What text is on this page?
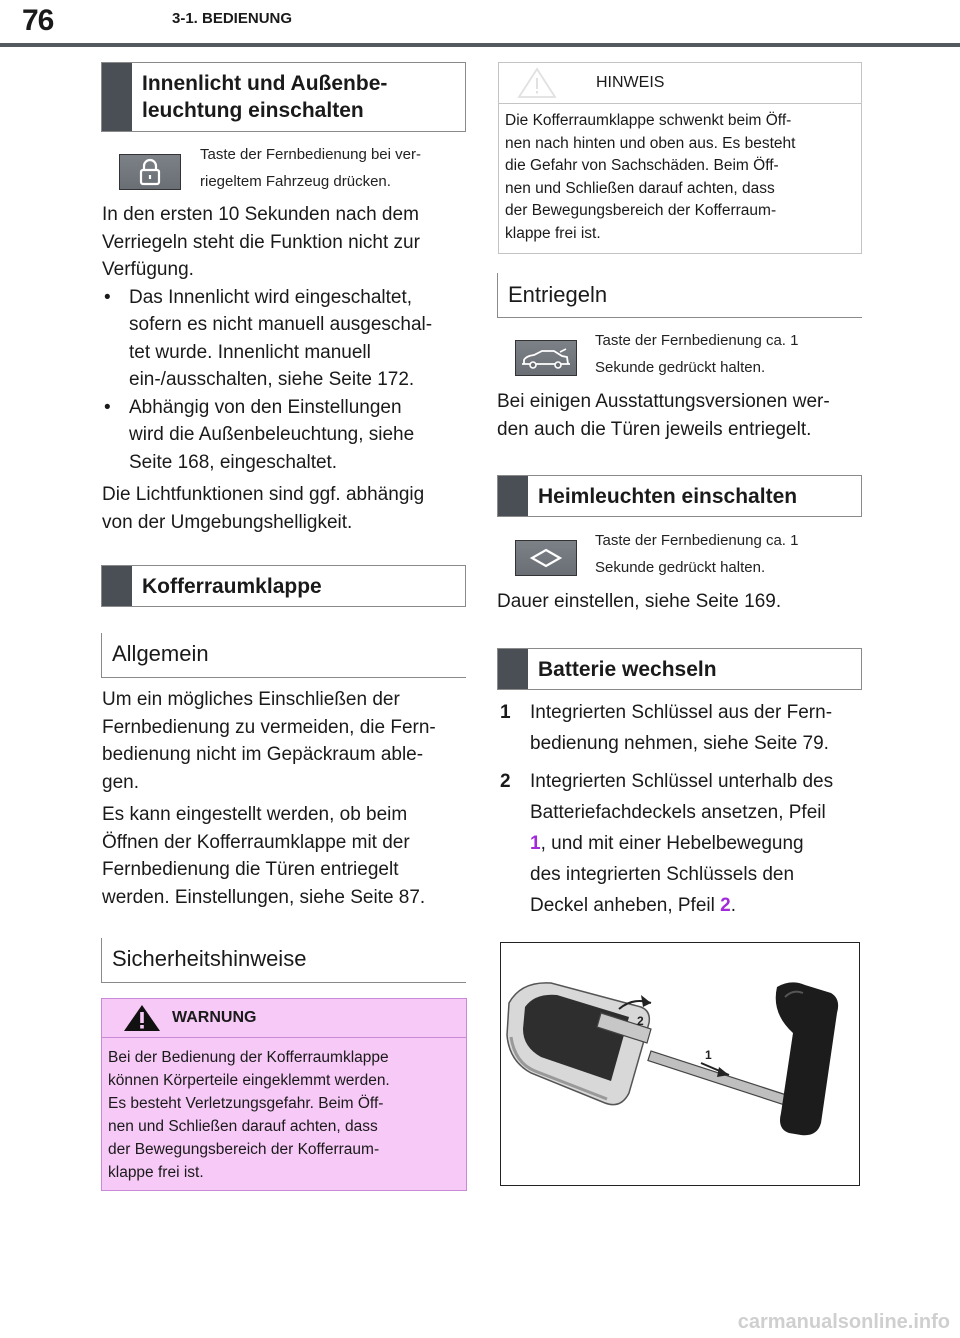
76	3-1. BEDIENUNG
Innenlicht und Außenbe-
leuchtung einschalten
Taste der Fernbedienung bei ver-
riegeltem Fahrzeug drücken.

In den ersten 10 Sekunden nach dem

Verriegeln steht die Funktion nicht zur

Verfügung.

• Das Innenlicht wird eingeschaltet,

sofern es nicht manuell ausgeschal-

tet wurde. Innenlicht manuell

ein-/ausschalten, siehe Seite 172.

• Abhängig von den Einstellungen

wird die Außenbeleuchtung, siehe

Seite 168, eingeschaltet.

Die Lichtfunktionen sind ggf. abhängig

von der Umgebungshelligkeit.

Kofferraumklappe
Allgemein

Um ein mögliches Einschließen der

Fernbedienung zu vermeiden, die Fern-

bedienung nicht im Gepäckraum able-

gen.

Es kann eingestellt werden, ob beim

Öffnen der Kofferraumklappe mit der

Fernbedienung die Türen entriegelt

werden. Einstellungen, siehe Seite 87.

Sicherheitshinweise
WARNUNG
Bei der Bedienung der Kofferraumklappe
können Körperteile eingeklemmt werden.
Es besteht Verletzungsgefahr. Beim Öff-
nen und Schließen darauf achten, dass
der Bewegungsbereich der Kofferraum-
klappe frei ist.
HINWEIS
Die Kofferraumklappe schwenkt beim Öff-
nen nach hinten und oben aus. Es besteht
die Gefahr von Sachschäden. Beim Öff-
nen und Schließen darauf achten, dass
der Bewegungsbereich der Kofferraum-
klappe frei ist.
Entriegeln
Taste der Fernbedienung ca. 1
Sekunde gedrückt halten.

Bei einigen Ausstattungsversionen wer-

den auch die Türen jeweils entriegelt.

Heimleuchten einschalten
Taste der Fernbedienung ca. 1
Sekunde gedrückt halten.
Dauer einstellen, siehe Seite 169.
Batterie wechseln
1 Integrierten Schlüssel aus der Fern-
bedienung nehmen, siehe Seite 79.
2 Integrierten Schlüssel unterhalb des
Batteriefachdeckels ansetzen, Pfeil
1, und mit einer Hebelbewegung
des integrierten Schlüssels den
Deckel anheben, Pfeil 2.
2
1
carmanualsonline.info
